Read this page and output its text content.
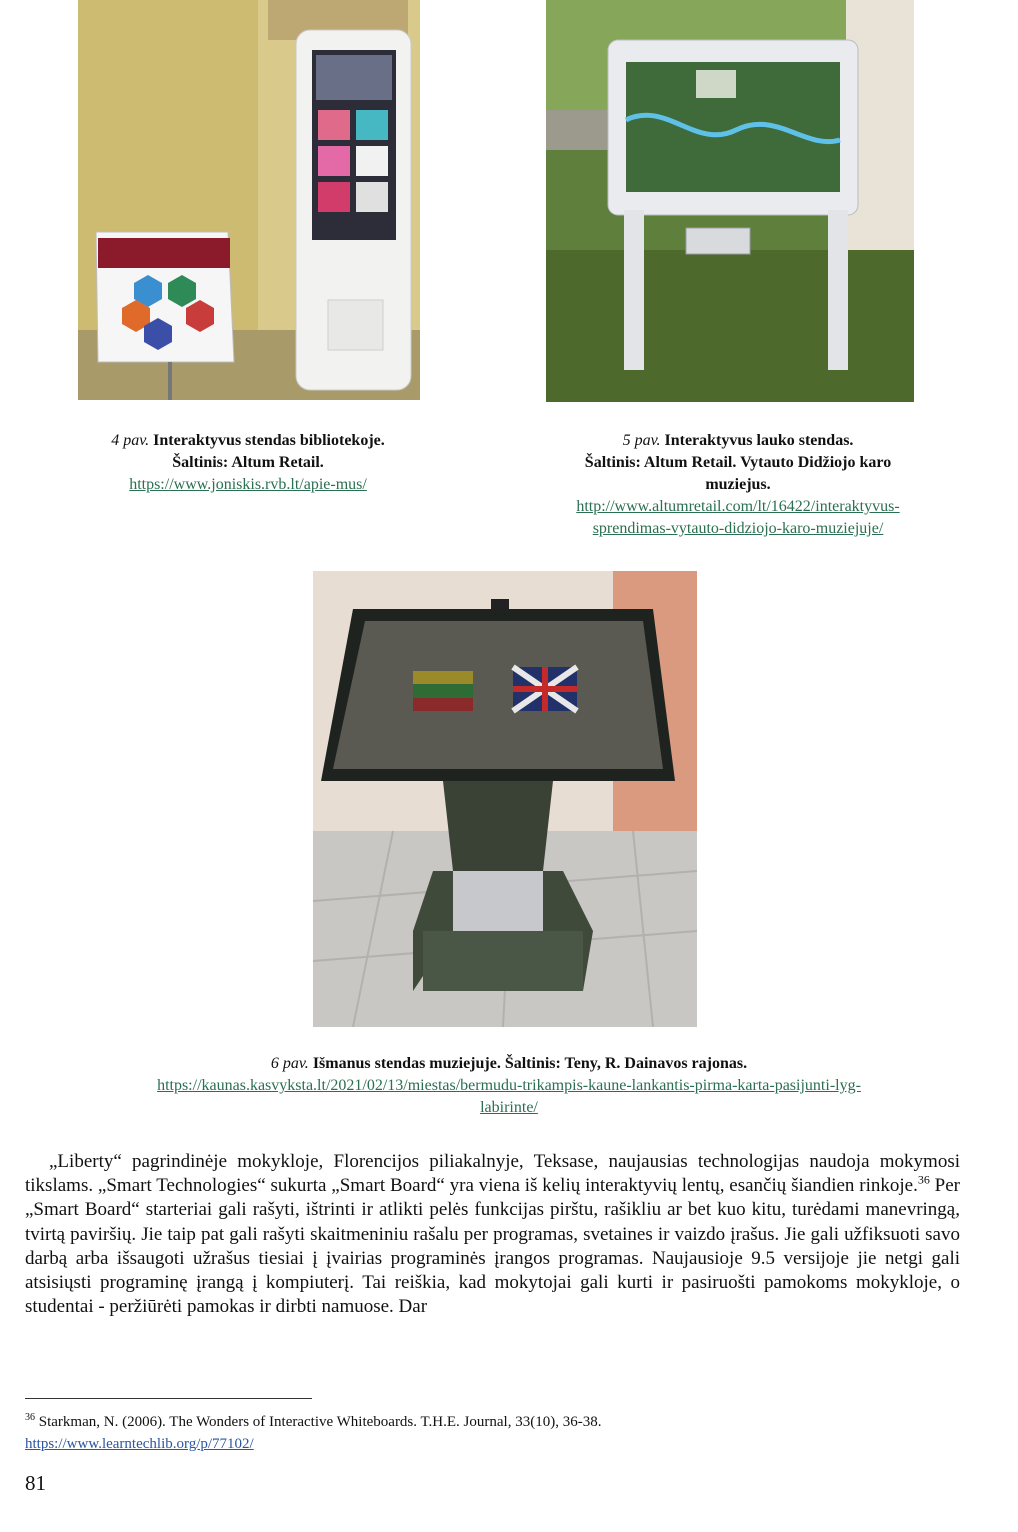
4 pav. Interaktyvus stendas bibliotekoje.
Šaltinis: Altum Retail.
https://www.joniskis.rvb.lt/apie-mus/
5 pav. Interaktyvus lauko stendas.
Šaltinis: Altum Retail. Vytauto Didžiojo karo
muziejus.
http://www.altumretail.com/lt/16422/interaktyvus-
sprendimas-vytauto-didziojo-karo-muziejuje/
6 pav. Išmanus stendas muziejuje. Šaltinis: Teny, R. Dainavos rajonas.
https://kaunas.kasvyksta.lt/2021/02/13/miestas/bermudu-trikampis-kaune-lankantis-pirma-karta-pasijunti-lyg-
labirinte/
„Liberty“ pagrindinėje mokykloje, Florencijos piliakalnyje, Teksase, naujausias technologijas naudoja mokymosi tikslams. „Smart Technologies“ sukurta „Smart Board“ yra viena iš kelių interaktyvių lentų, esančių šiandien rinkoje.$^{36}$ Per „Smart Board“ starteriai gali rašyti, ištrinti ir atlikti pelės funkcijas pirštu, rašikliu ar bet kuo kitu, turėdami manevringą, tvirtą paviršių. Jie taip pat gali rašyti skaitmeniniu rašalu per programas, svetaines ir vaizdo įrašus. Jie gali užfiksuoti savo darbą arba išsaugoti užrašus tiesiai į įvairias programinės įrangos programas. Naujausioje 9.5 versijoje jie netgi gali atsisiųsti programinę įrangą į kompiuterį. Tai reiškia, kad mokytojai gali kurti ir pasiruošti pamokoms mokykloje, o studentai - peržiūrėti pamokas ir dirbti namuose. Dar
$^{36}$ Starkman, N. (2006). The Wonders of Interactive Whiteboards. T.H.E. Journal, 33(10), 36-38.
https://www.learntechlib.org/p/77102/
81
